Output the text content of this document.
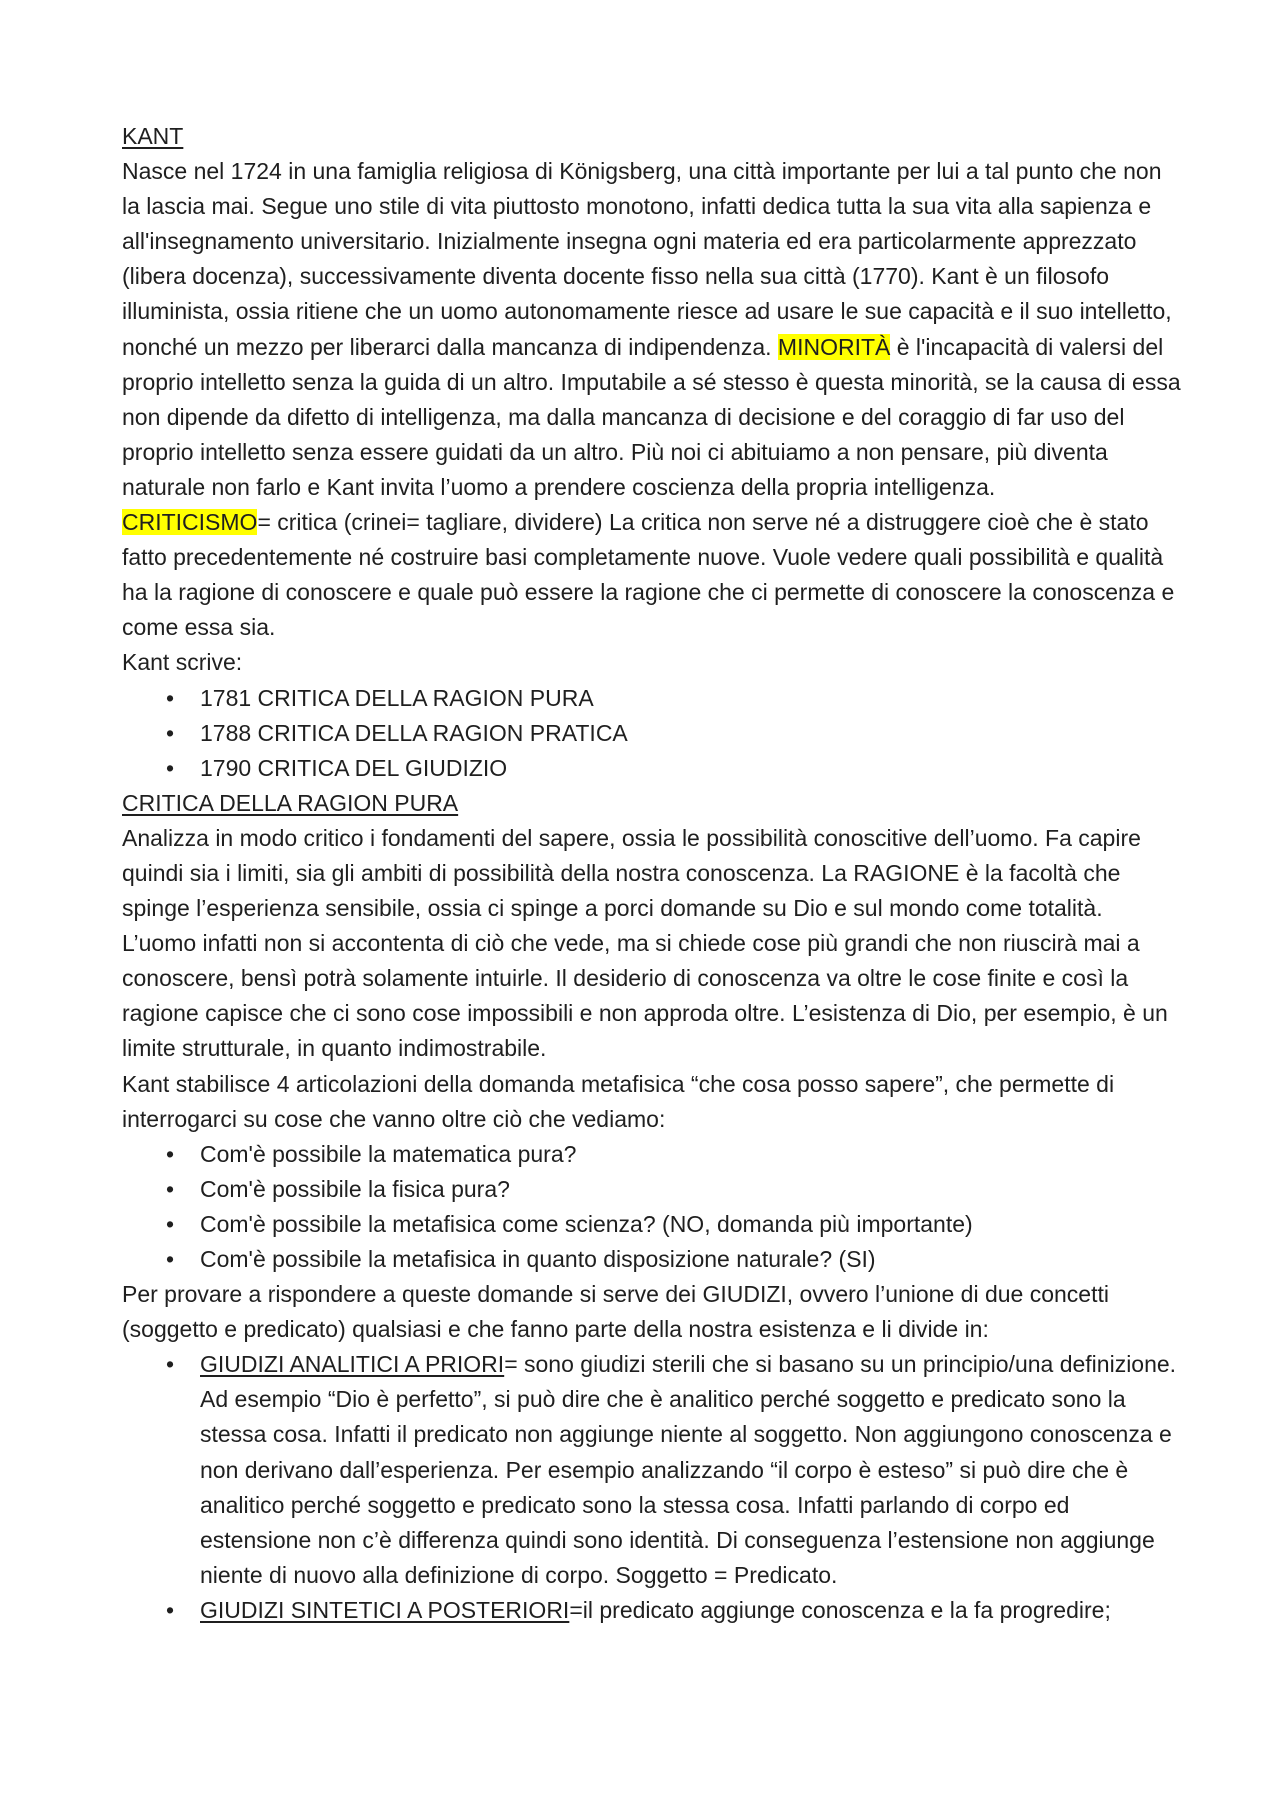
KANT

Nasce nel 1724 in una famiglia religiosa di Königsberg, una città importante per lui a tal punto che non la lascia mai. Segue uno stile di vita piuttosto monotono, infatti dedica tutta la sua vita alla sapienza e all'insegnamento universitario. Inizialmente insegna ogni materia ed era particolarmente apprezzato (libera docenza), successivamente diventa docente fisso nella sua città (1770). Kant è un filosofo illuminista, ossia ritiene che un uomo autonomamente riesce ad usare le sue capacità e il suo intelletto, nonché un mezzo per liberarci dalla mancanza di indipendenza. MINORITÀ è l'incapacità di valersi del proprio intelletto senza la guida di un altro. Imputabile a sé stesso è questa minorità, se la causa di essa non dipende da difetto di intelligenza, ma dalla mancanza di decisione e del coraggio di far uso del proprio intelletto senza essere guidati da un altro. Più noi ci abituiamo a non pensare, più diventa naturale non farlo e Kant invita l’uomo a prendere coscienza della propria intelligenza.

CRITICISMO= critica (crinei= tagliare, dividere) La critica non serve né a distruggere cioè che è stato fatto precedentemente né costruire basi completamente nuove. Vuole vedere quali possibilità e qualità ha la ragione di conoscere e quale può essere la ragione che ci permette di conoscere la conoscenza e come essa sia.

Kant scrive:

• 1781 CRITICA DELLA RAGION PURA
• 1788 CRITICA DELLA RAGION PRATICA
• 1790 CRITICA DEL GIUDIZIO

CRITICA DELLA RAGION PURA

Analizza in modo critico i fondamenti del sapere, ossia le possibilità conoscitive dell’uomo. Fa capire quindi sia i limiti, sia gli ambiti di possibilità della nostra conoscenza. La RAGIONE è la facoltà che spinge l’esperienza sensibile, ossia ci spinge a porci domande su Dio e sul mondo come totalità. L’uomo infatti non si accontenta di ciò che vede, ma si chiede cose più grandi che non riuscirà mai a conoscere, bensì potrà solamente intuirle. Il desiderio di conoscenza va oltre le cose finite e così la ragione capisce che ci sono cose impossibili e non approda oltre. L’esistenza di Dio, per esempio, è un limite strutturale, in quanto indimostrabile.

Kant stabilisce 4 articolazioni della domanda metafisica “che cosa posso sapere”, che permette di interrogarci su cose che vanno oltre ciò che vediamo:

• Com'è possibile la matematica pura?
• Com'è possibile la fisica pura?
• Com'è possibile la metafisica come scienza? (NO, domanda più importante)
• Com'è possibile la metafisica in quanto disposizione naturale? (SI)

Per provare a rispondere a queste domande si serve dei GIUDIZI, ovvero l’unione di due concetti (soggetto e predicato) qualsiasi e che fanno parte della nostra esistenza e li divide in:

• GIUDIZI ANALITICI A PRIORI= sono giudizi sterili che si basano su un principio/una definizione. Ad esempio “Dio è perfetto”, si può dire che è analitico perché soggetto e predicato sono la stessa cosa. Infatti il predicato non aggiunge niente al soggetto. Non aggiungono conoscenza e non derivano dall’esperienza. Per esempio analizzando “il corpo è esteso” si può dire che è analitico perché soggetto e predicato sono la stessa cosa. Infatti parlando di corpo ed estensione non c’è differenza quindi sono identità. Di conseguenza l’estensione non aggiunge niente di nuovo alla definizione di corpo. Soggetto = Predicato.
• GIUDIZI SINTETICI A POSTERIORI=il predicato aggiunge conoscenza e la fa progredire;
